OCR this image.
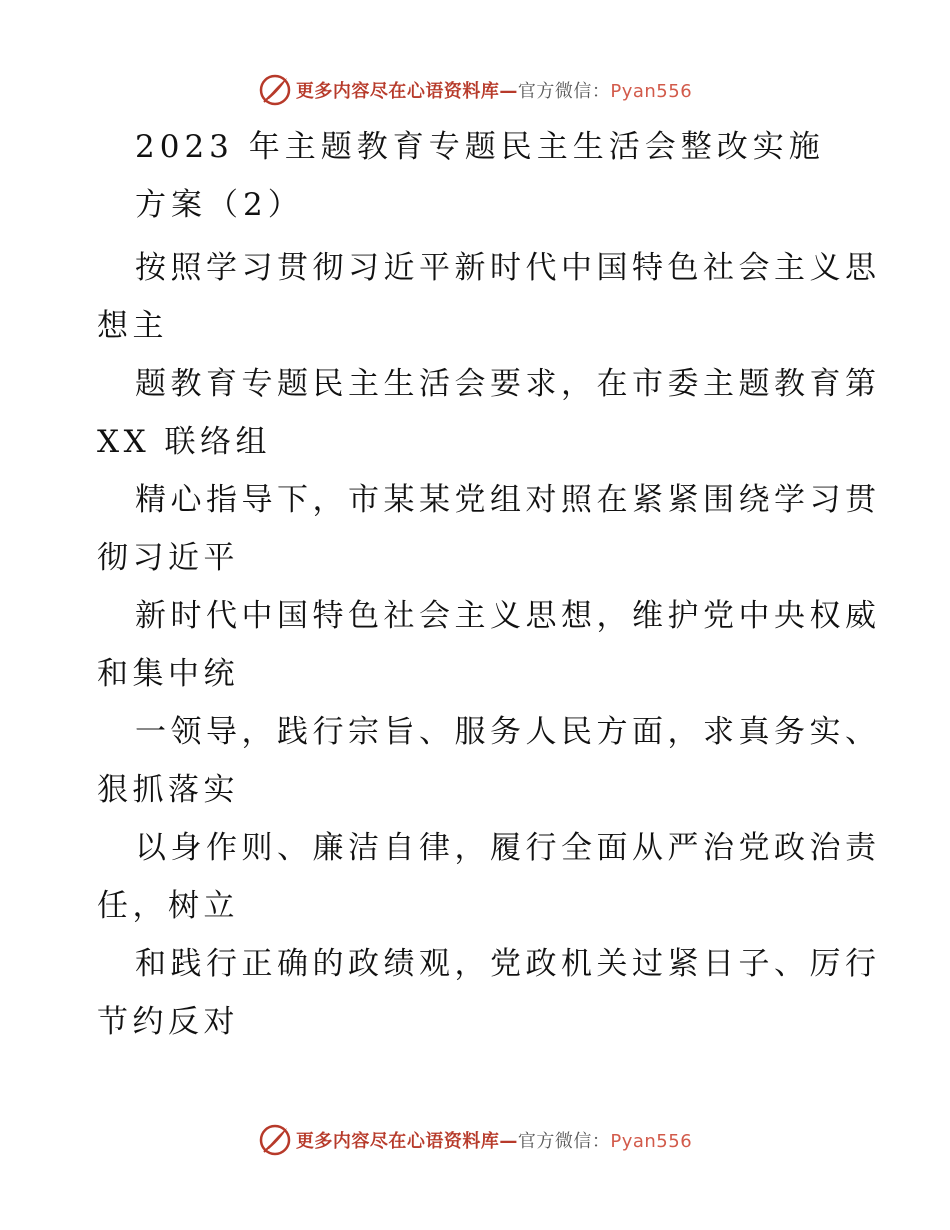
更多内容尽在心语资料库—官方微信：Pyan556
2023 年主题教育专题民主生活会整改实施
方案（2）
按照学习贯彻习近平新时代中国特色社会主义思
想主
题教育专题民主生活会要求，在市委主题教育第
XX 联络组
精心指导下，市某某党组对照在紧紧围绕学习贯
彻习近平
新时代中国特色社会主义思想，维护党中央权威
和集中统
一领导，践行宗旨、服务人民方面，求真务实、
狠抓落实
以身作则、廉洁自律，履行全面从严治党政治责
任，树立
和践行正确的政绩观，党政机关过紧日子、厉行
节约反对
更多内容尽在心语资料库—官方微信：Pyan556
